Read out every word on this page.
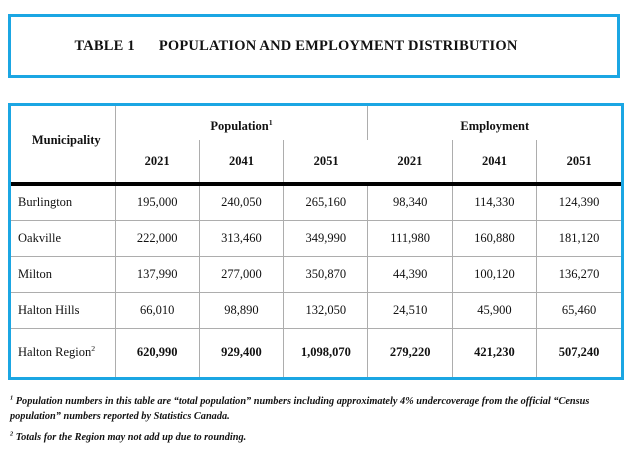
TABLE 1 POPULATION AND EMPLOYMENT DISTRIBUTION
Municipality	Population$^1$			Employment		
	2021	2041	2051	2021	2041	2051
Burlington	195,000	240,050	265,160	98,340	114,330	124,390
Oakville	222,000	313,460	349,990	111,980	160,880	181,120
Milton	137,990	277,000	350,870	44,390	100,120	136,270
Halton Hills	66,010	98,890	132,050	24,510	45,900	65,460
Halton Region$^2$	620,990	929,400	1,098,070	279,220	421,230	507,240
$^1$ Population numbers in this table are “total population” numbers including approximately 4% undercoverage from the official “Census population” numbers reported by Statistics Canada.
$^2$ Totals for the Region may not add up due to rounding.
